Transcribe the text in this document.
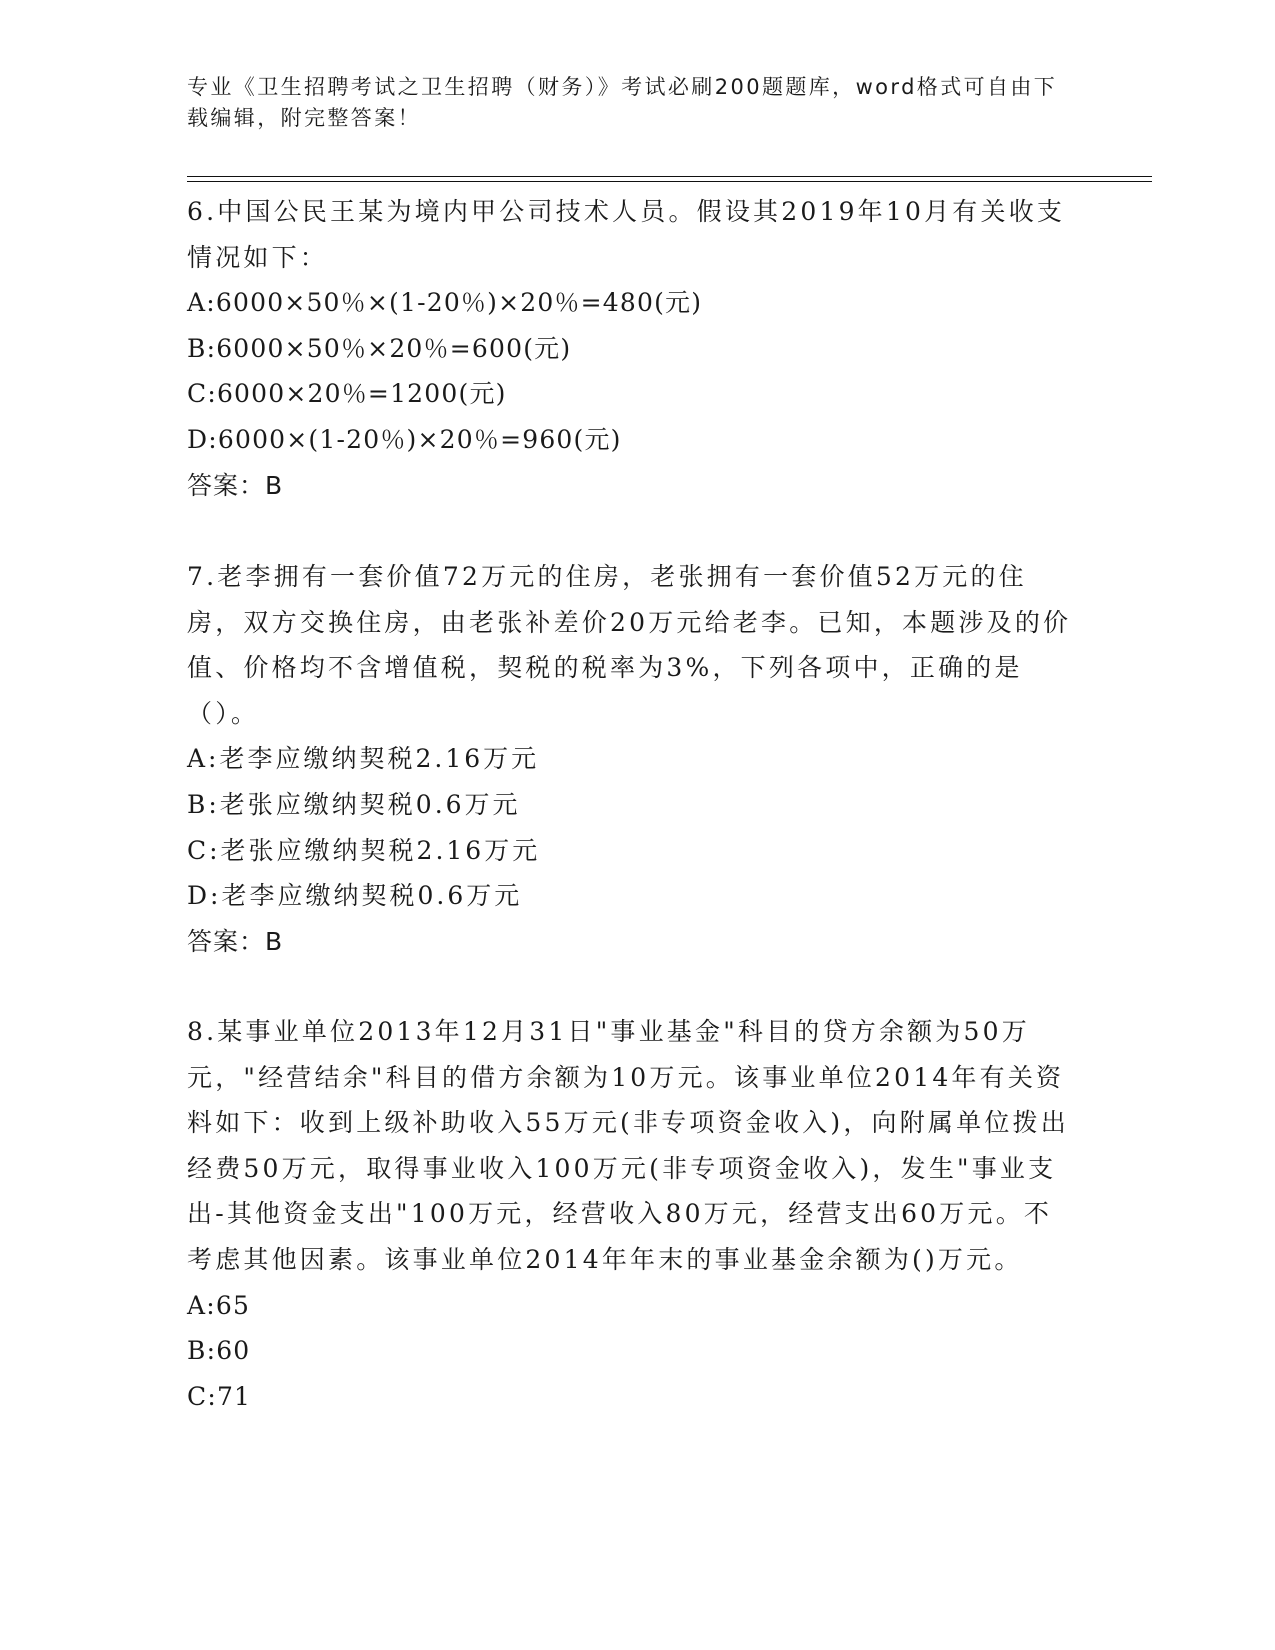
专业《卫生招聘考试之卫生招聘（财务）》考试必刷200题题库，word格式可自由下载编辑，附完整答案！

6.中国公民王某为境内甲公司技术人员。假设其2019年10月有关收支情况如下：

A:6000×50％×(1-20％)×20％=480(元)
B:6000×50％×20％=600(元)
C:6000×20％=1200(元)
D:6000×(1-20％)×20％=960(元)

答案：B

7.老李拥有一套价值72万元的住房，老张拥有一套价值52万元的住房，双方交换住房，由老张补差价20万元给老李。已知，本题涉及的价值、价格均不含增值税，契税的税率为3%，下列各项中，正确的是（）。

A:老李应缴纳契税2.16万元
B:老张应缴纳契税0.6万元
C:老张应缴纳契税2.16万元
D:老李应缴纳契税0.6万元

答案：B

8.某事业单位2013年12月31日"事业基金"科目的贷方余额为50万元，"经营结余"科目的借方余额为10万元。该事业单位2014年有关资料如下：收到上级补助收入55万元(非专项资金收入)，向附属单位拨出经费50万元，取得事业收入100万元(非专项资金收入)，发生"事业支出-其他资金支出"100万元，经营收入80万元，经营支出60万元。不考虑其他因素。该事业单位2014年年末的事业基金余额为()万元。

A:65
B:60
C:71
